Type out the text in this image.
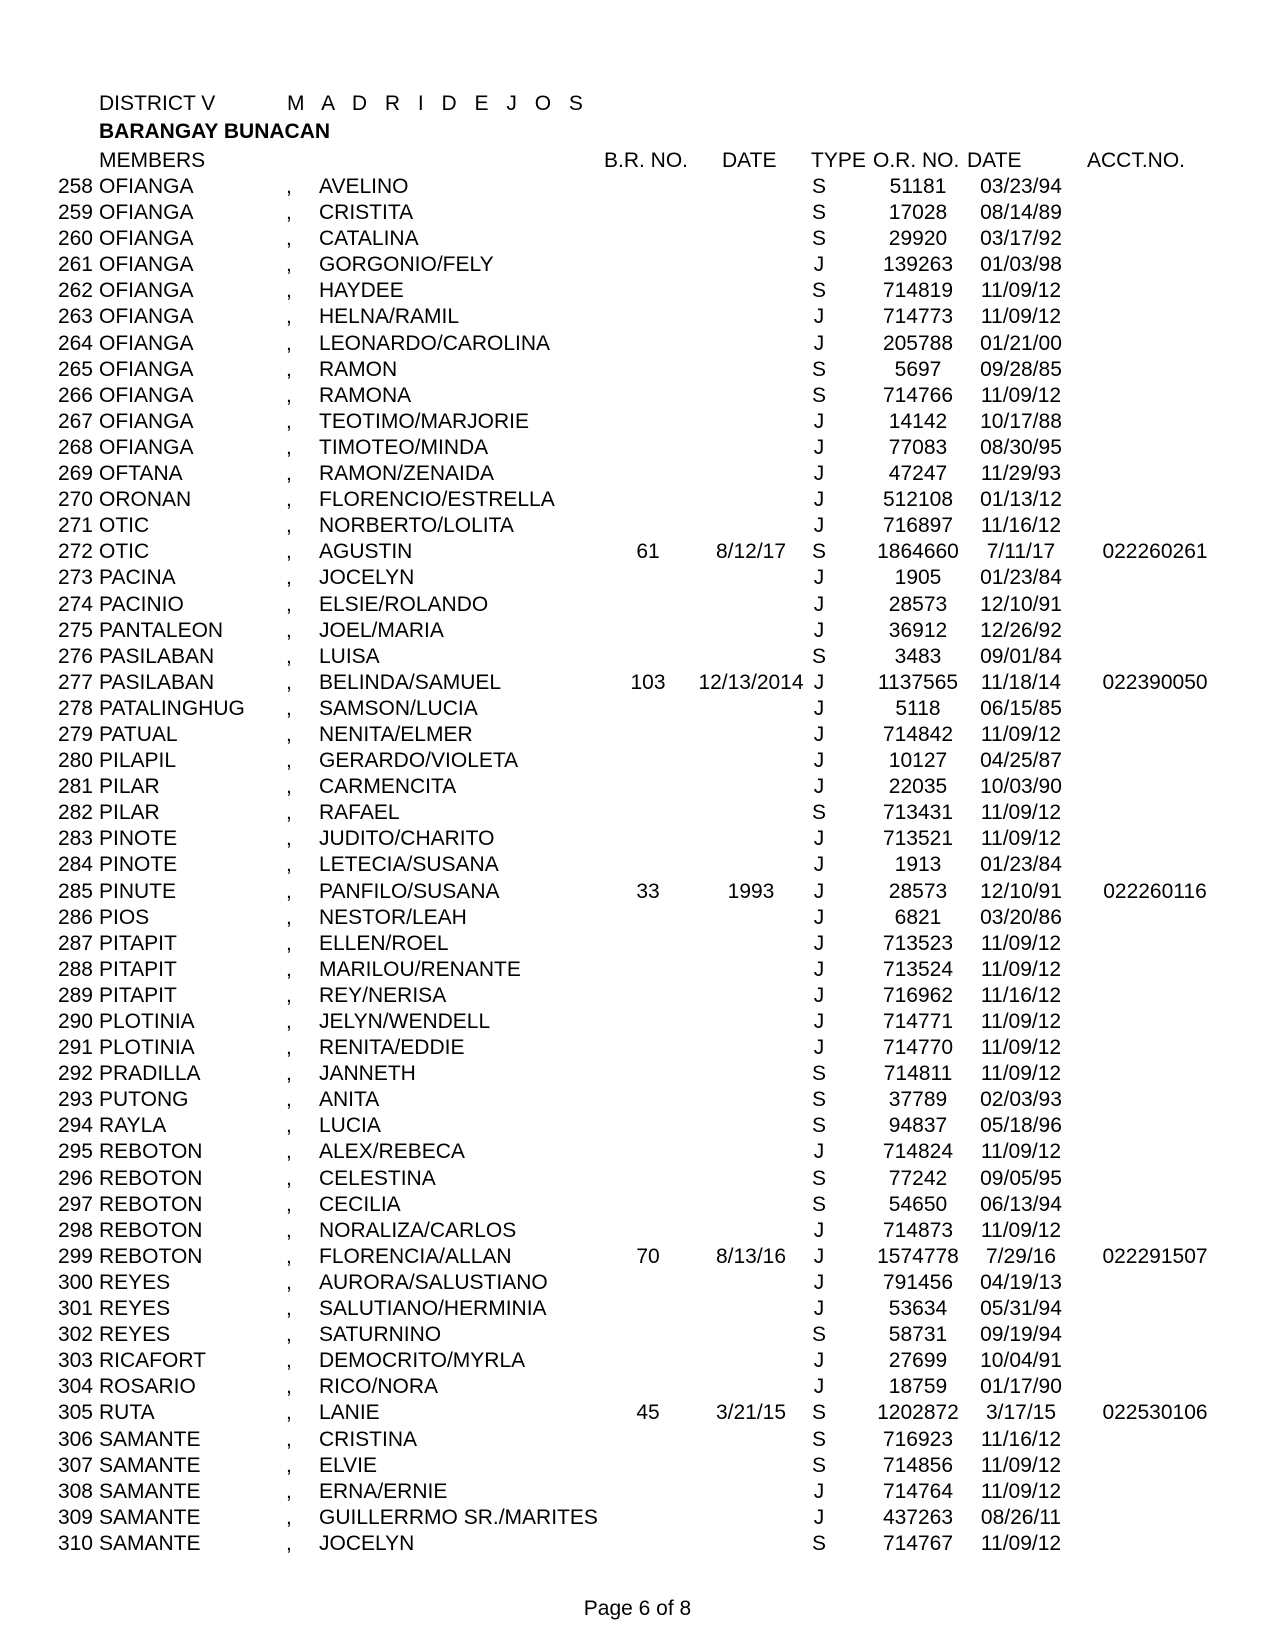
DISTRICT V	M A D R I D E J O S
BARANGAY BUNACAN
MEMBERS	B.R. NO. DATE TYPE O.R. NO. DATE	ACCT.NO.
258 OFIANGA	, AVELINO	S	51181	03/23/94
259 OFIANGA	, CRISTITA	S	17028	08/14/89
260 OFIANGA	, CATALINA	S	29920	03/17/92
261 OFIANGA	, GORGONIO/FELY	J	139263	01/03/98
262 OFIANGA	, HAYDEE	S	714819	11/09/12
263 OFIANGA	, HELNA/RAMIL	J	714773	11/09/12
264 OFIANGA	, LEONARDO/CAROLINA	J	205788	01/21/00
265 OFIANGA	, RAMON	S	5697	09/28/85
266 OFIANGA	, RAMONA	S	714766	11/09/12
267 OFIANGA	, TEOTIMO/MARJORIE	J	14142	10/17/88
268 OFIANGA	, TIMOTEO/MINDA	J	77083	08/30/95
269 OFTANA	, RAMON/ZENAIDA	J	47247	11/29/93
270 ORONAN	, FLORENCIO/ESTRELLA	J	512108	01/13/12
271 OTIC	, NORBERTO/LOLITA	J	716897	11/16/12
272 OTIC	, AGUSTIN	61	8/12/17	S	1864660	7/11/17	022260261
273 PACINA	, JOCELYN	J	1905	01/23/84
274 PACINIO	, ELSIE/ROLANDO	J	28573	12/10/91
275 PANTALEON	, JOEL/MARIA	J	36912	12/26/92
276 PASILABAN	, LUISA	S	3483	09/01/84
277 PASILABAN	, BELINDA/SAMUEL	103	12/13/2014 J	1137565	11/18/14	022390050
278 PATALINGHUG , SAMSON/LUCIA	J	5118	06/15/85
279 PATUAL	, NENITA/ELMER	J	714842	11/09/12
280 PILAPIL	, GERARDO/VIOLETA	J	10127	04/25/87
281 PILAR	, CARMENCITA	J	22035	10/03/90
282 PILAR	, RAFAEL	S	713431	11/09/12
283 PINOTE	, JUDITO/CHARITO	J	713521	11/09/12
284 PINOTE	, LETECIA/SUSANA	J	1913	01/23/84
285 PINUTE	, PANFILO/SUSANA	33	1993	J	28573	12/10/91	022260116
286 PIOS	, NESTOR/LEAH	J	6821	03/20/86
287 PITAPIT	, ELLEN/ROEL	J	713523	11/09/12
288 PITAPIT	, MARILOU/RENANTE	J	713524	11/09/12
289 PITAPIT	, REY/NERISA	J	716962	11/16/12
290 PLOTINIA	, JELYN/WENDELL	J	714771	11/09/12
291 PLOTINIA	, RENITA/EDDIE	J	714770	11/09/12
292 PRADILLA	, JANNETH	S	714811	11/09/12
293 PUTONG	, ANITA	S	37789	02/03/93
294 RAYLA	, LUCIA	S	94837	05/18/96
295 REBOTON	, ALEX/REBECA	J	714824	11/09/12
296 REBOTON	, CELESTINA	S	77242	09/05/95
297 REBOTON	, CECILIA	S	54650	06/13/94
298 REBOTON	, NORALIZA/CARLOS	J	714873	11/09/12
299 REBOTON	, FLORENCIA/ALLAN	70	8/13/16	J	1574778	7/29/16	022291507
300 REYES	, AURORA/SALUSTIANO	J	791456	04/19/13
301 REYES	, SALUTIANO/HERMINIA	J	53634	05/31/94
302 REYES	, SATURNINO	S	58731	09/19/94
303 RICAFORT	, DEMOCRITO/MYRLA	J	27699	10/04/91
304 ROSARIO	, RICO/NORA	J	18759	01/17/90
305 RUTA	, LANIE	45	3/21/15	S	1202872	3/17/15	022530106
306 SAMANTE	, CRISTINA	S	716923	11/16/12
307 SAMANTE	, ELVIE	S	714856	11/09/12
308 SAMANTE	, ERNA/ERNIE	J	714764	11/09/12
309 SAMANTE	, GUILLERRMO SR./MARITES	J	437263	08/26/11
310 SAMANTE	, JOCELYN	S	714767	11/09/12
Page 6 of 8
